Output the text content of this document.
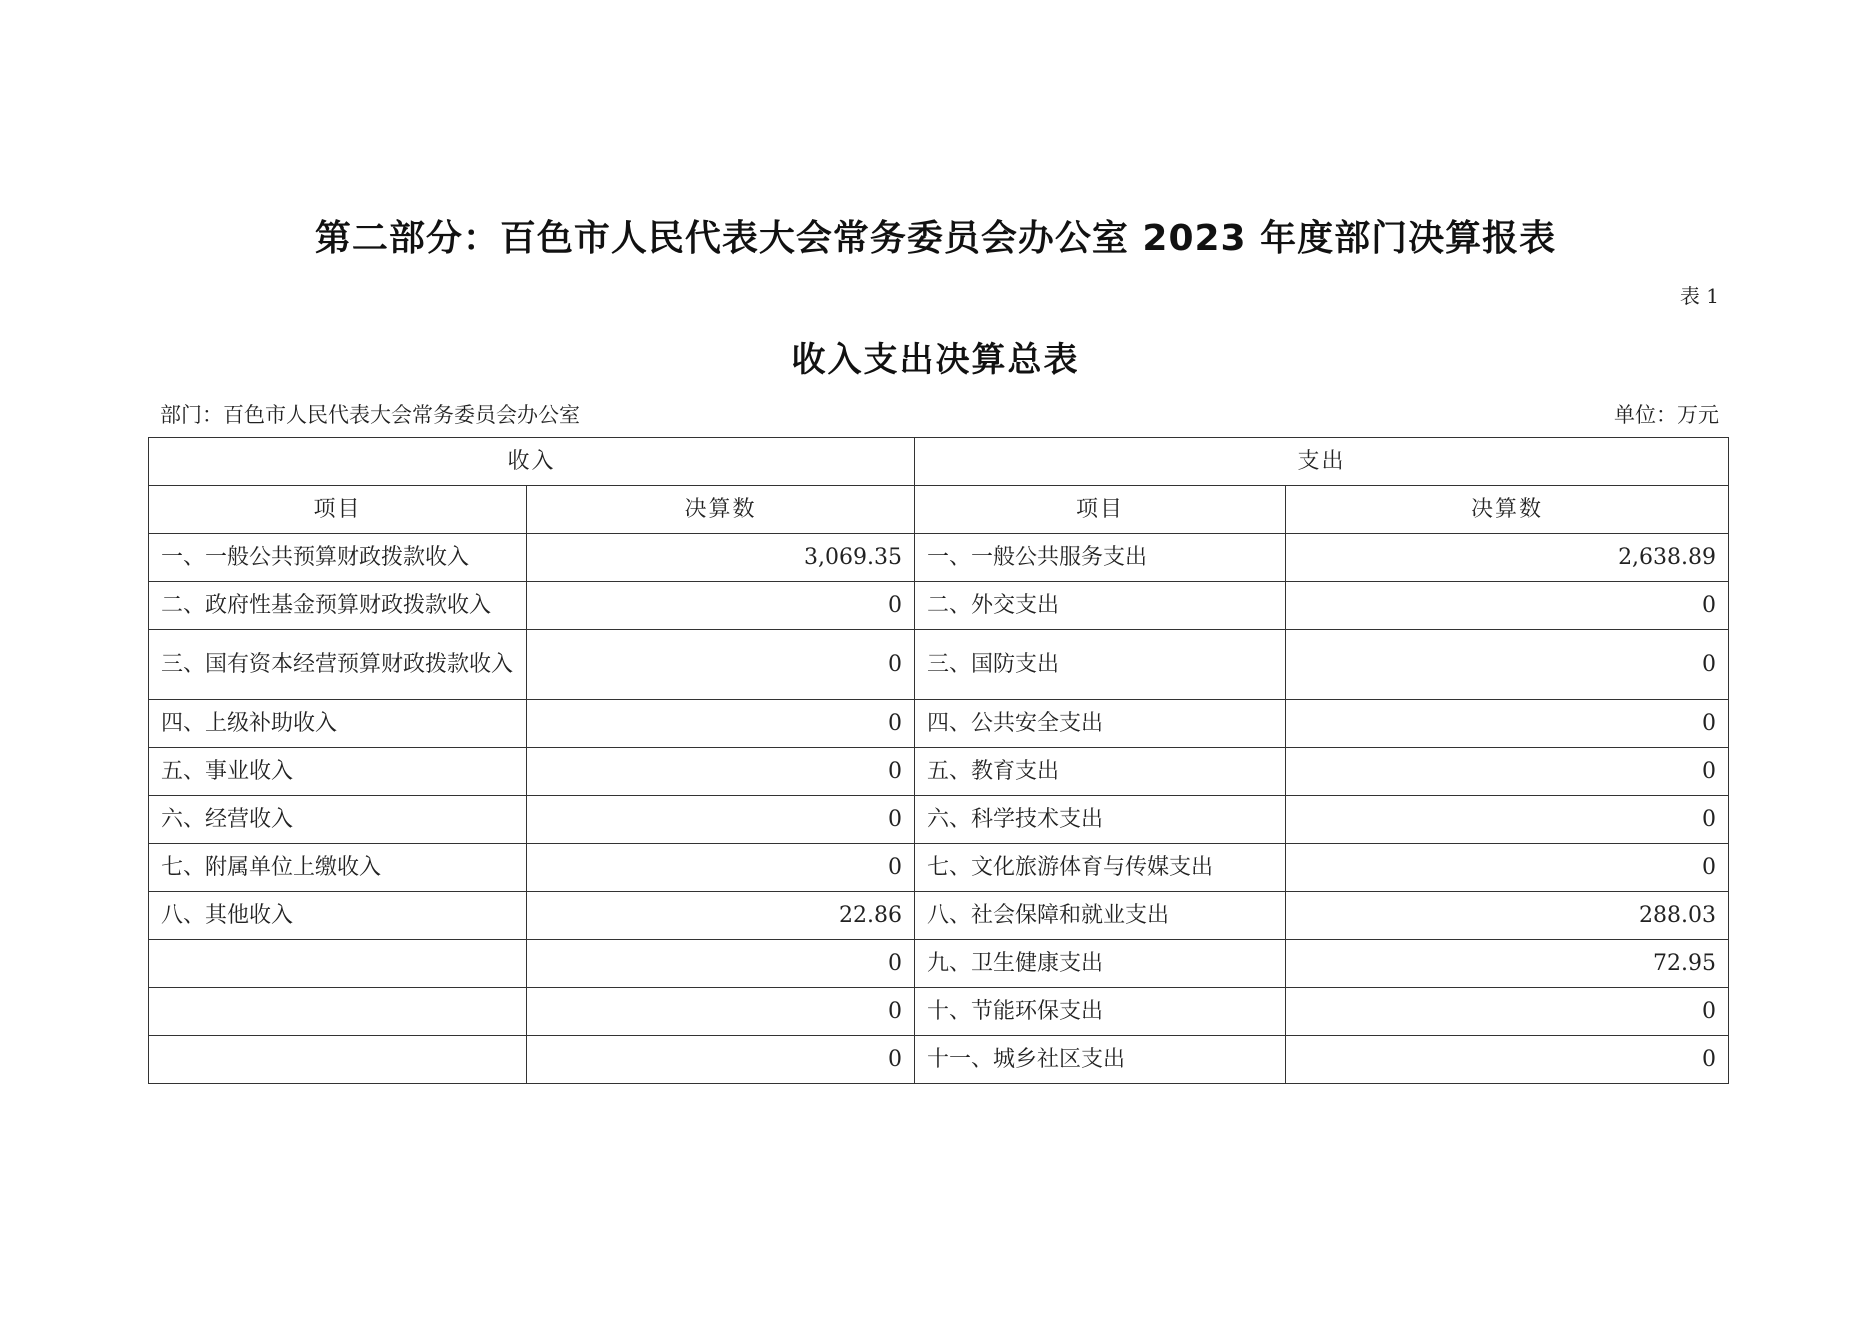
第二部分：百色市人民代表大会常务委员会办公室 2023 年度部门决算报表
表 1
收入支出决算总表
部门：百色市人民代表大会常务委员会办公室	单位：万元
收入		支出	
项目	决算数	项目	决算数
一、一般公共预算财政拨款收入	3,069.35	一、一般公共服务支出	2,638.89
二、政府性基金预算财政拨款收入	0	二、外交支出	0
三、国有资本经营预算财政拨款收入	0	三、国防支出	0
四、上级补助收入	0	四、公共安全支出	0
五、事业收入	0	五、教育支出	0
六、经营收入	0	六、科学技术支出	0
七、附属单位上缴收入	0	七、文化旅游体育与传媒支出	0
八、其他收入	22.86	八、社会保障和就业支出	288.03
	0	九、卫生健康支出	72.95
	0	十、节能环保支出	0
	0	十一、城乡社区支出	0
